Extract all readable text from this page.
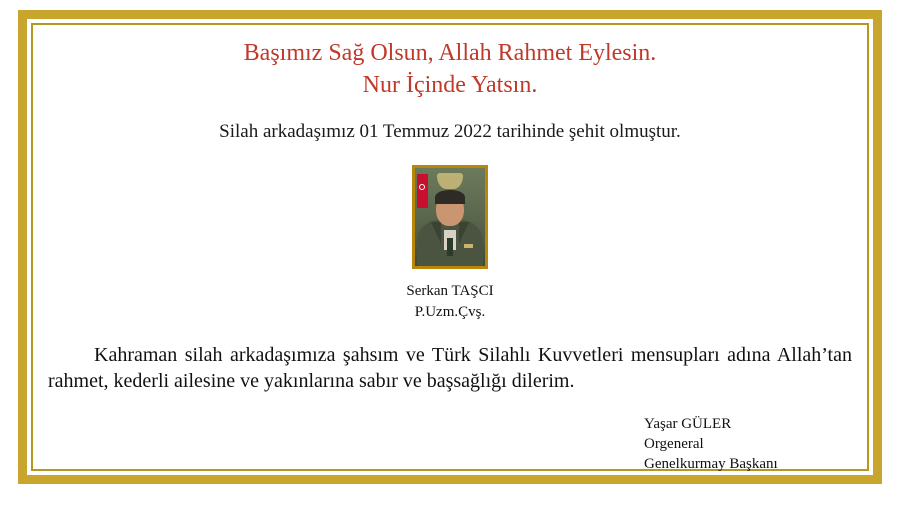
Başımız Sağ Olsun, Allah Rahmet Eylesin.
Nur İçinde Yatsın.

Silah arkadaşımız 01 Temmuz 2022 tarihinde şehit olmuştur.

Serkan TAŞCI
P.Uzm.Çvş.

Kahraman silah arkadaşımıza şahsım ve Türk Silahlı Kuvvetleri mensupları adına Allah’tan rahmet, kederli ailesine ve yakınlarına sabır ve başsağlığı dilerim.

Yaşar GÜLER
Orgeneral
Genelkurmay Başkanı
